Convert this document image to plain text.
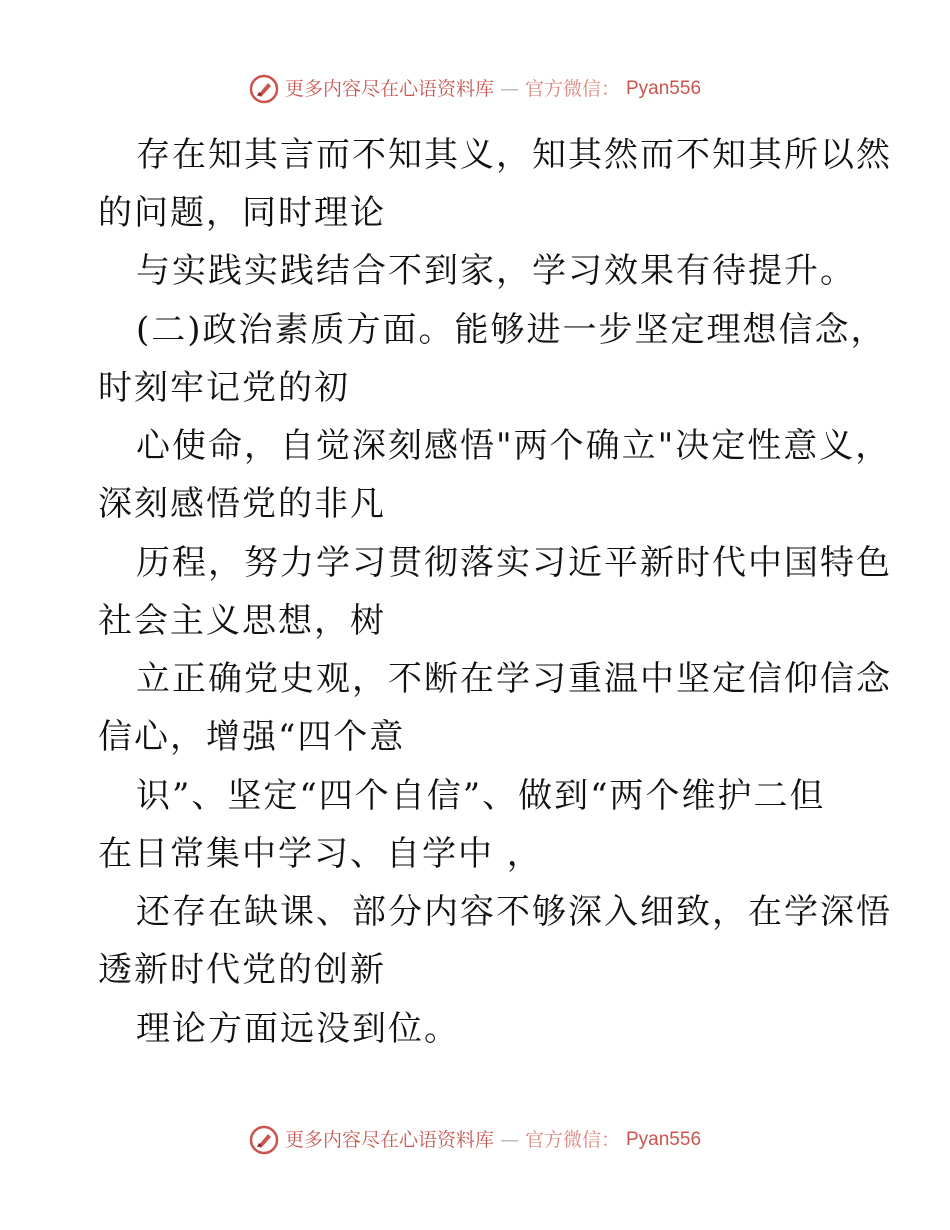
更多内容尽在心语资料库 — 官方微信： Pyan556
存在知其言而不知其义，知其然而不知其所以然
的问题，同时理论
与实践实践结合不到家，学习效果有待提升。
(二)政治素质方面。能够进一步坚定理想信念，
时刻牢记党的初
心使命，自觉深刻感悟"两个确立"决定性意义，
深刻感悟党的非凡
历程，努力学习贯彻落实习近平新时代中国特色
社会主义思想，树
立正确党史观，不断在学习重温中坚定信仰信念
信心，增强“四个意
识”、坚定“四个自信”、做到“两个维护二但
在日常集中学习、自学中 ，
还存在缺课、部分内容不够深入细致，在学深悟
透新时代党的创新
理论方面远没到位。
更多内容尽在心语资料库 — 官方微信： Pyan556
